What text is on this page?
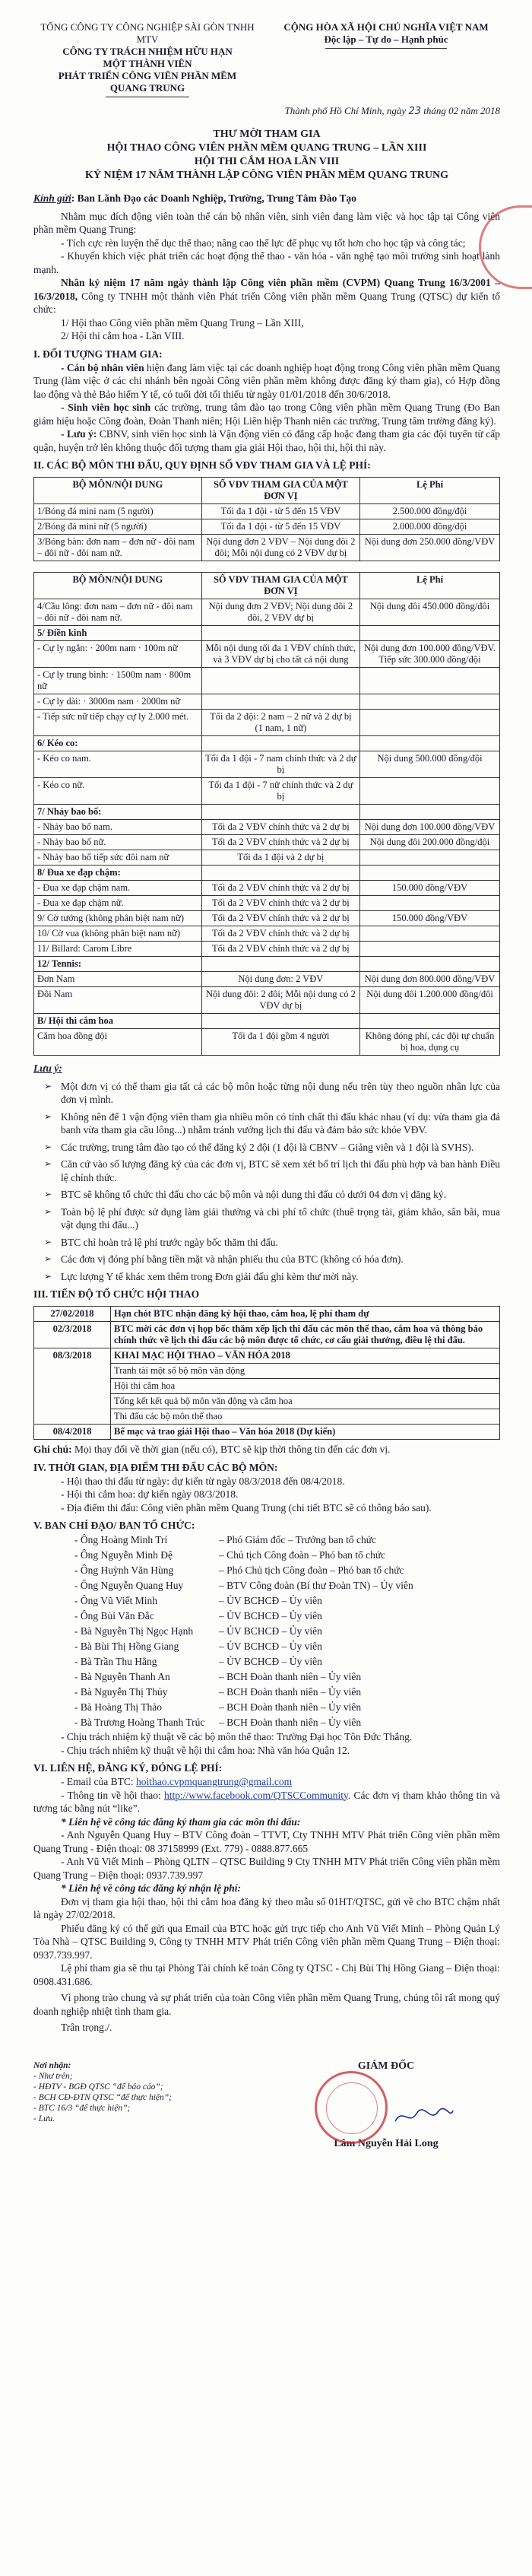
TỔNG CÔNG TY CÔNG NGHIỆP SÀI GÒN TNHH MTV
CÔNG TY TRÁCH NHIỆM HỮU HẠN
MỘT THÀNH VIÊN
PHÁT TRIỂN CÔNG VIÊN PHẦN MỀM
QUANG TRUNG
CỘNG HÒA XÃ HỘI CHỦ NGHĨA VIỆT NAM
Độc lập – Tự do – Hạnh phúc
Thành phố Hồ Chí Minh, ngày 23 tháng 02 năm 2018
THƯ MỜI THAM GIA
HỘI THAO CÔNG VIÊN PHẦN MỀM QUANG TRUNG – LẦN XIII
HỘI THI CẮM HOA LẦN VIII
KỶ NIỆM 17 NĂM THÀNH LẬP CÔNG VIÊN PHẦN MỀM QUANG TRUNG

Kính gửi: Ban Lãnh Đạo các Doanh Nghiệp, Trường, Trung Tâm Đào Tạo

Nhằm mục đích động viên toàn thể cán bộ nhân viên, sinh viên đang làm việc và học tập tại Công viên phần mềm Quang Trung:

- Tích cực rèn luyện thể dục thể thao; nâng cao thể lực để phục vụ tốt hơn cho học tập và công tác;

- Khuyến khích việc phát triển các hoạt động thể thao - văn hóa - văn nghệ tạo môi trường sinh hoạt lành mạnh.

Nhân kỷ niệm 17 năm ngày thành lập Công viên phần mềm (CVPM) Quang Trung 16/3/2001 – 16/3/2018, Công ty TNHH một thành viên Phát triển Công viên phần mềm Quang Trung (QTSC) dự kiến tổ chức:

1/ Hội thao Công viên phần mềm Quang Trung – Lần XIII,

2/ Hội thi cắm hoa - Lần VIII.

I. ĐỐI TƯỢNG THAM GIA:

- Cán bộ nhân viên hiện đang làm việc tại các doanh nghiệp hoạt động trong Công viên phần mềm Quang Trung (làm việc ở các chi nhánh bên ngoài Công viên phần mềm không được đăng ký tham gia), có Hợp đồng lao động và thẻ Bảo hiểm Y tế, có tuổi đời tối thiểu từ ngày 01/01/2018 đến 30/6/2018.

- Sinh viên học sinh các trường, trung tâm đào tạo trong Công viên phần mềm Quang Trung (Đo Ban giám hiệu hoặc Công đoàn, Đoàn Thanh niên; Hội Liên hiệp Thanh niên các trường, Trung tâm trường đăng ký).

- Lưu ý: CBNV, sinh viên học sinh là Vận động viên có đẳng cấp hoặc đang tham gia các đội tuyển từ cấp quận, huyện trở lên không thuộc đối tượng tham gia giải Hội thao, hội thi, hội thi này.

II. CÁC BỘ MÔN THI ĐẤU, QUY ĐỊNH SỐ VĐV THAM GIA VÀ LỆ PHÍ:
BỘ MÔN/NỘI DUNG	SỐ VĐV THAM GIA CỦA MỘT ĐƠN VỊ	Lệ Phí
1/Bóng đá mini nam (5 người)	Tối đa 1 đội - từ 5 đến 15 VĐV	2.500.000 đồng/đội
2/Bóng đá mini nữ (5 người)	Tối đa 1 đội - từ 5 đến 15 VĐV	2.000.000 đồng/đội
3/Bóng bàn: đơn nam – đơn nữ - đôi nam – đôi nữ - đôi nam nữ.	Nội dung đơn 2 VĐV – Nội dung đôi 2 đôi; Mỗi nội dung có 2 VĐV dự bị	Nội dung đơn 250.000 đồng/VĐV
BỘ MÔN/NỘI DUNG	SỐ VĐV THAM GIA CỦA MỘT ĐƠN VỊ	Lệ Phí
4/Cầu lông: đơn nam – đơn nữ - đôi nam – đôi nữ - đôi nam nữ.	Nội dung đơn 2 VĐV; Nội dung đôi 2 đôi, 2 VĐV dự bị	Nội dung đôi 450.000 đồng/đôi
5/ Điền kinh		
- Cự ly ngắn: · 200m nam · 100m nữ	Mỗi nội dung tối đa 1 VĐV chính thức, và 3 VĐV dự bị cho tất cả nội dung	Nội dung đơn 100.000 đồng/VĐV. Tiếp sức 300.000 đồng/đội
- Cự ly trung bình: · 1500m nam · 800m nữ		
- Cự ly dài: · 3000m nam · 2000m nữ		
- Tiếp sức nữ tiếp chạy cự ly 2.000 mét.	Tối đa 2 đội: 2 nam – 2 nữ và 2 dự bị (1 nam, 1 nữ)	
6/ Kéo co:		
- Kéo co nam.	Tối đa 1 đội - 7 nam chính thức và 2 dự bị	Nội dung 500.000 đồng/đội
- Kéo co nữ.	Tối đa 1 đội - 7 nữ chính thức và 2 dự bị	
7/ Nhảy bao bố:		
- Nhảy bao bố nam.	Tối đa 2 VĐV chính thức và 2 dự bị	Nội dung đơn 100.000 đồng/VĐV
- Nhảy bao bố nữ.	Tối đa 2 VĐV chính thức và 2 dự bị	Nội dung đôi 200.000 đồng/đội
- Nhảy bao bố tiếp sức đôi nam nữ	Tối đa 1 đội và 2 dự bị	
8/ Đua xe đạp chậm:		
- Đua xe đạp chậm nam.	Tối đa 2 VĐV chính thức và 2 dự bị	150.000 đồng/VĐV
- Đua xe đạp chậm nữ.	Tối đa 2 VĐV chính thức và 2 dự bị	
9/ Cờ tướng (không phân biệt nam nữ)	Tối đa 2 VĐV chính thức và 2 dự bị	150.000 đồng/VĐV
10/ Cờ vua (không phân biệt nam nữ)	Tối đa 2 VĐV chính thức và 2 dự bị	
11/ Billard: Carom Libre	Tối đa 2 VĐV chính thức và 2 dự bị	
12/ Tennis:		
Đơn Nam	Nội dung đơn: 2 VĐV	Nội dung đơn 800.000 đồng/VĐV
Đôi Nam	Nội dung đôi: 2 đôi; Mỗi nội dung có 2 VĐV dự bị	Nội dung đôi 1.200.000 đồng/đôi
B/ Hội thi cắm hoa		
Cắm hoa đồng đội	Tối đa 1 đội gồm 4 người	Không đóng phí, các đội tự chuẩn bị hoa, dụng cụ

Lưu ý:

➢ Một đơn vị có thể tham gia tất cả các bộ môn hoặc từng nội dung nếu trên tùy theo nguồn nhân lực của đơn vị mình.
➢ Không nên để 1 vận động viên tham gia nhiều môn có tính chất thi đấu khác nhau (ví dụ: vừa tham gia đá banh vừa tham gia cầu lông...) nhằm tránh vướng lịch thi đấu và đảm bảo sức khỏe VĐV.
➢ Các trường, trung tâm đào tạo có thể đăng ký 2 đội (1 đội là CBNV – Giảng viên và 1 đội là SVHS).
➢ Căn cứ vào số lượng đăng ký của các đơn vị, BTC sẽ xem xét bố trí lịch thi đấu phù hợp và ban hành Điều lệ chính thức.
➢ BTC sẽ không tổ chức thi đấu cho các bộ môn và nội dung thi đấu có dưới 04 đơn vị đăng ký.
➢ Toàn bộ lệ phí được sử dụng làm giải thưởng và chi phí tổ chức (thuê trọng tài, giám khảo, sân bãi, mua vật dụng thi đấu...)
➢ BTC chỉ hoàn trả lệ phí trước ngày bốc thăm thi đấu.
➢ Các đơn vị đóng phí bằng tiền mặt và nhận phiếu thu của BTC (không có hóa đơn).
➢ Lực lượng Y tế khác xem thêm trong Đơn giải đấu ghi kèm thư mời này.
III. TIẾN ĐỘ TỔ CHỨC HỘI THAO
27/02/2018	Hạn chót BTC nhận đăng ký hội thao, cắm hoa, lệ phí tham dự
02/3/2018	BTC mời các đơn vị họp bốc thăm xếp lịch thi đấu các môn thể thao, cắm hoa và thông báo chính thức về lịch thi đấu các bộ môn được tổ chức, cơ cấu giải thưởng, điều lệ thi đấu.
08/3/2018	KHAI MẠC HỘI THAO – VĂN HÓA 2018
	Tranh tài một số bộ môn văn động
	Hội thi cắm hoa
	Tổng kết kết quả bộ môn văn động và cắm hoa
	Thi đấu các bộ môn thể thao
08/4/2018	Bế mạc và trao giải Hội thao – Văn hóa 2018 (Dự kiến)

Ghi chú: Mọi thay đổi về thời gian (nếu có), BTC sẽ kịp thời thông tin đến các đơn vị.

IV. THỜI GIAN, ĐỊA ĐIỂM THI ĐẤU CÁC BỘ MÔN:

- Hội thao thi đấu từ ngày: dự kiến từ ngày 08/3/2018 đến 08/4/2018.

- Hội thi cắm hoa: dự kiến ngày 08/3/2018.

- Địa điểm thi đấu: Công viên phần mềm Quang Trung (chi tiết BTC sẽ có thông báo sau).

V. BAN CHỈ ĐẠO/ BAN TỔ CHỨC:
- Ông Hoàng Minh Trí	– Phó Giám đốc – Trưởng ban tổ chức
- Ông Nguyễn Minh Đệ	– Chủ tịch Công đoàn – Phó ban tổ chức
- Ông Huỳnh Văn Hùng	– Phó Chủ tịch Công đoàn – Phó ban tổ chức
- Ông Nguyễn Quang Huy	– BTV Công đoàn (Bí thư Đoàn TN) – Ủy viên
- Ông Vũ Viết Minh	– ỦV BCHCĐ – Ủy viên
- Ông Bùi Văn Đắc	– ỦV BCHCĐ – Ủy viên
- Bà Nguyễn Thị Ngọc Hạnh	– ỦV BCHCĐ – Ủy viên
- Bà Bùi Thị Hồng Giang	– ỦV BCHCĐ – Ủy viên
- Bà Trần Thu Hằng	– ỦV BCHCĐ – Ủy viên
- Bà Nguyễn Thanh An	– BCH Đoàn thanh niên – Ủy viên
- Bà Nguyễn Thị Thủy	– BCH Đoàn thanh niên – Ủy viên
- Bà Hoàng Thị Thảo	– BCH Đoàn thanh niên – Ủy viên
- Bà Trương Hoàng Thanh Trúc – BCH Đoàn thanh niên – Ủy viên

- Chịu trách nhiệm kỹ thuật về các bộ môn thể thao: Trường Đại học Tôn Đức Thắng.

- Chịu trách nhiệm kỹ thuật về hội thi cắm hoa: Nhà văn hóa Quận 12.

VI. LIÊN HỆ, ĐĂNG KÝ, ĐÓNG LỆ PHÍ:

- Email của BTC: hoithao.cvpmquangtrung@gmail.com

- Thông tin về hội thao: http://www.facebook.com/QTSCCommunity. Các đơn vị tham khảo thông tin và tương tác bằng nút “like”.

* Liên hệ về công tác đăng ký tham gia các môn thi đấu:

- Anh Nguyễn Quang Huy – BTV Công đoàn – TTVT, Cty TNHH MTV Phát triển Công viên phần mềm Quang Trung - Điện thoại: 08 37158999 (Ext. 779) - 0888.877.665

- Anh Vũ Viết Minh – Phòng QLTN – QTSC Building 9 Cty TNHH MTV Phát triển Công viên phần mềm Quang Trung – Điện thoại: 0937.739.997

* Liên hệ về công tác đăng ký nhận lệ phí:

Đơn vị tham gia hội thao, hội thi cắm hoa đăng ký theo mẫu số 01HT/QTSC, gửi về cho BTC chậm nhất là ngày 27/02/2018.

Phiếu đăng ký có thể gửi qua Email của BTC hoặc gửi trực tiếp cho Anh Vũ Viết Minh – Phòng Quản Lý Tòa Nhà – QTSC Building 9, Công ty TNHH MTV Phát triển Công viên phần mềm Quang Trung – Điện thoại: 0937.739.997.

Lệ phí tham gia sẽ thu tại Phòng Tài chính kế toán Công ty QTSC - Chị Bùi Thị Hồng Giang – Điện thoại: 0908.431.686.

Vì phong trào chung và sự phát triển của toàn Công viên phần mềm Quang Trung, chúng tôi rất mong quý doanh nghiệp nhiệt tình tham gia.

Trân trọng./.

Nơi nhận:
- Như trên;
- HĐTV - BGĐ QTSC “để báo cáo”;
- BCH CĐ-ĐTN QTSC “để thực hiện”;
- BTC 16/3 “để thực hiện”;
- Lưu.
GIÁM ĐỐC
Lâm Nguyễn Hải Long
